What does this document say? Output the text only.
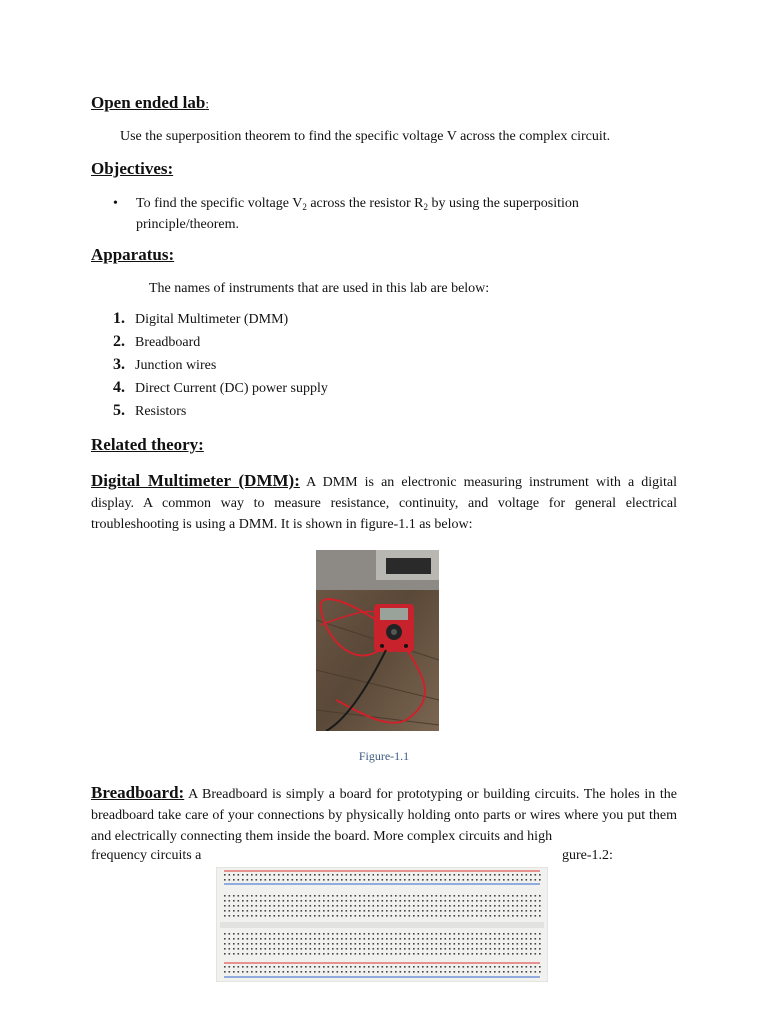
Open ended lab:

Use the superposition theorem to find the specific voltage V across the complex circuit.

Objectives:

• To find the specific voltage $V_2$ across the resistor $R_2$ by using the superposition principle/theorem.

Apparatus:

The names of instruments that are used in this lab are below:

1. Digital Multimeter (DMM)
2. Breadboard
3. Junction wires
4. Direct Current (DC) power supply
5. Resistors

Related theory:

Digital Multimeter (DMM): A DMM is an electronic measuring instrument with a digital display. A common way to measure resistance, continuity, and voltage for general electrical troubleshooting is using a DMM. It is shown in figure-1.1 as below:

Figure-1.1

Breadboard: A Breadboard is simply a board for prototyping or building circuits. The holes in the breadboard take care of your connections by physically holding onto parts or wires where you put them and electrically connecting them inside the board. More complex circuits and high

frequency circuits a	gure-1.2:
